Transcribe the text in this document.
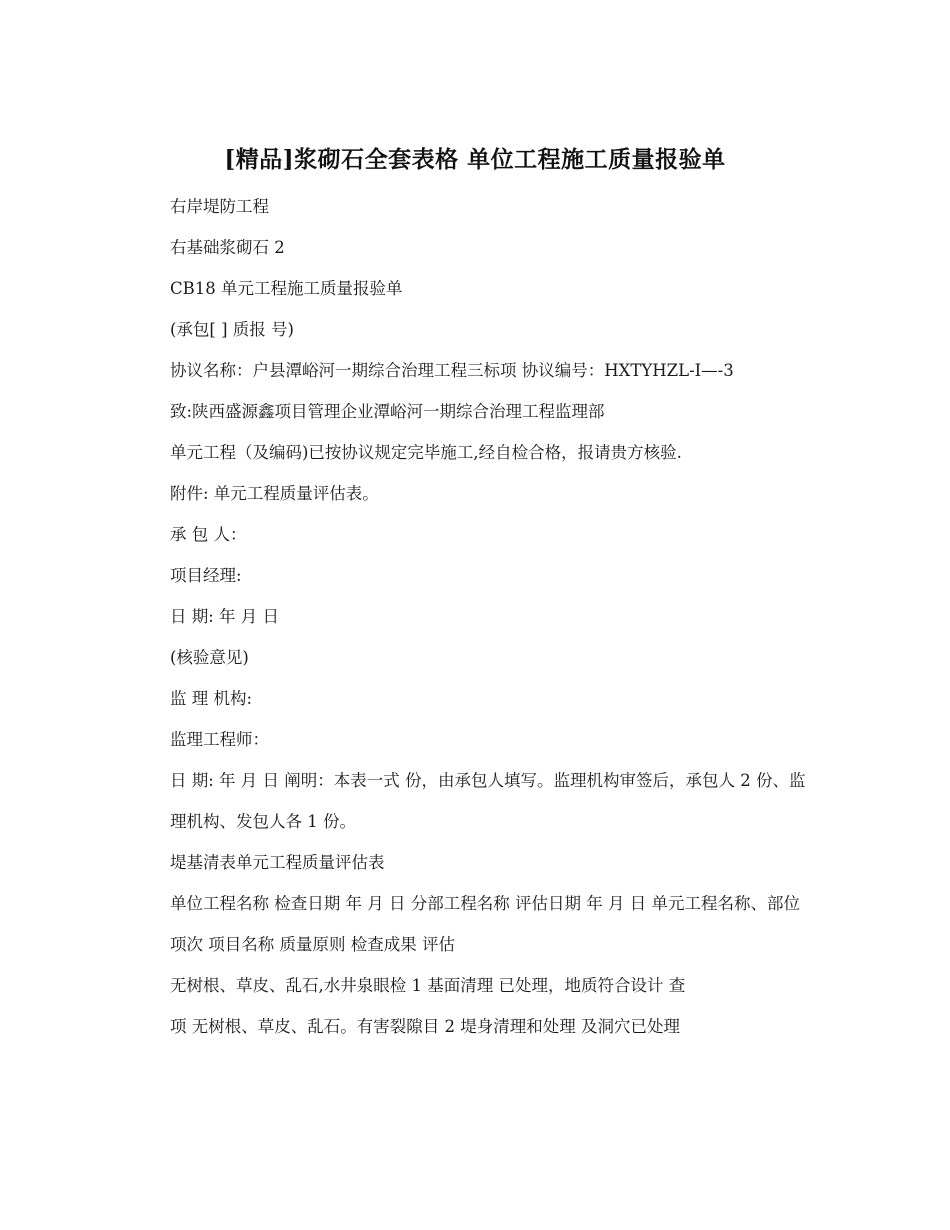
[精品]浆砌石全套表格 单位工程施工质量报验单

右岸堤防工程

右基础浆砌石 2

CB18 单元工程施工质量报验单

(承包[ ] 质报 号)

协议名称：户县潭峪河一期综合治理工程三标项 协议编号：HXTYHZL-I—-3

致:陕西盛源鑫项目管理企业潭峪河一期综合治理工程监理部

单元工程（及编码)已按协议规定完毕施工,经自检合格，报请贵方核验.

附件: 单元工程质量评估表。

承 包 人：

项目经理:

日 期: 年 月 日

(核验意见)

监 理 机构:

监理工程师：

日 期: 年 月 日 阐明：本表一式 份，由承包人填写。监理机构审签后，承包人 2 份、监

理机构、发包人各 1 份。

堤基清表单元工程质量评估表

单位工程名称 检查日期 年 月 日 分部工程名称 评估日期 年 月 日 单元工程名称、部位

项次 项目名称 质量原则 检查成果 评估

无树根、草皮、乱石,水井泉眼检 1 基面清理 已处理，地质符合设计 查

项 无树根、草皮、乱石。有害裂隙目 2 堤身清理和处理 及洞穴已处理
